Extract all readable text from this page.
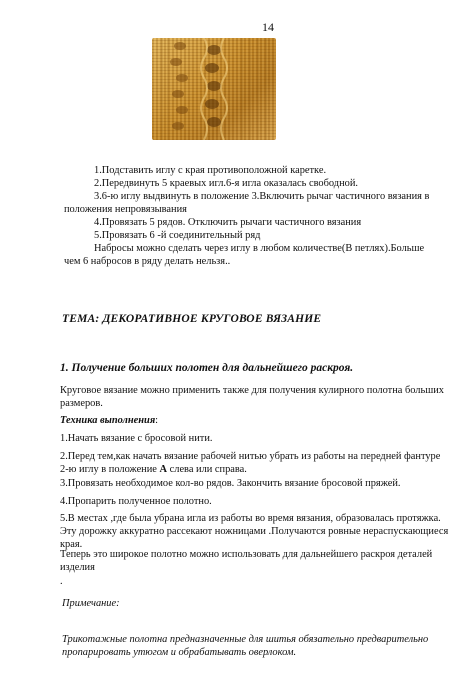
14
1.Подставить иглу с края противоположной каретке.
2.Передвинуть 5 краевых игл.6-я игла оказалась свободной.
3.6-ю иглу выдвинуть в положение 3.Включить рычаг частичного вязания в
положения непровязывания
4.Провязать 5 рядов. Отключить рычаги частичного вязания
5.Провязать 6 -й соединительный ряд
Набросы можно сделать через иглу в любом количестве(В петлях).Больше
чем 6 набросов в ряду делать нельзя..
ТЕМА: ДЕКОРАТИВНОЕ КРУГОВОЕ ВЯЗАНИЕ
1. Получение больших полотен для дальнейшего раскроя.
Круговое вязание можно применить также для получения кулирного полотна больших размеров.
Техника выполнения:
1.Начать вязание с бросовой нити.
2.Перед тем,как начать вязание рабочей нитью убрать из работы на передней фантуре 2-ю иглу в положение А слева или справа.
3.Провязать необходимое кол-во рядов. Закончить вязание бросовой пряжей.
4.Пропарить полученное полотно.
5.В местах ,где была убрана игла из работы во время вязания, образовалась протяжка. Эту дорожку аккуратно рассекают ножницами .Получаются ровные нераспускающиеся края.
Теперь это широкое полотно можно использовать для дальнейшего раскроя деталей изделия
.
Примечание:
Трикотажные полотна предназначенные для шитья обязательно предварительно пропарировать утюгом и обрабатывать оверлоком.
